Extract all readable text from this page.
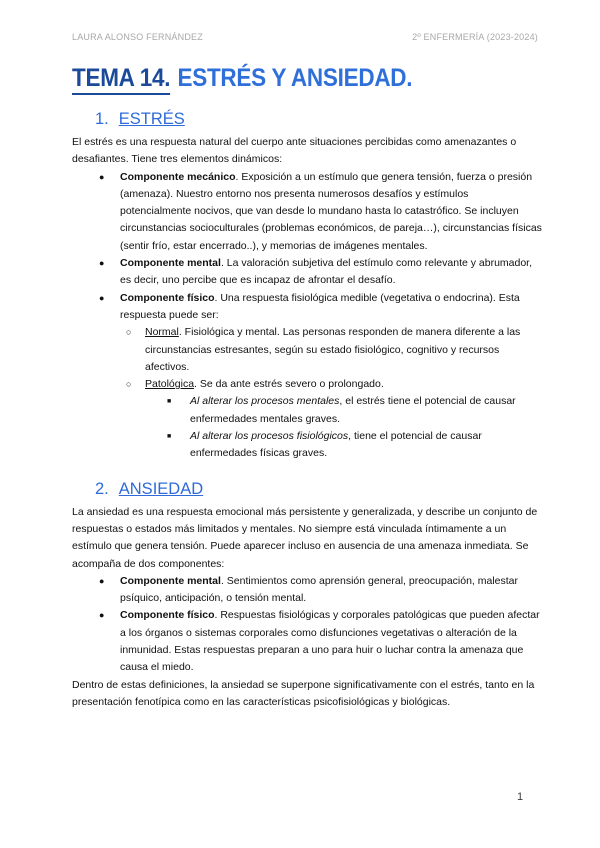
LAURA ALONSO FERNÁNDEZ	2º ENFERMERÍA (2023-2024)
TEMA 14. ESTRÉS Y ANSIEDAD.
1. ESTRÉS
El estrés es una respuesta natural del cuerpo ante situaciones percibidas como amenazantes o desafiantes. Tiene tres elementos dinámicos:
●	Componente mecánico. Exposición a un estímulo que genera tensión, fuerza o presión (amenaza). Nuestro entorno nos presenta numerosos desafíos y estímulos potencialmente nocivos, que van desde lo mundano hasta lo catastrófico. Se incluyen circunstancias socioculturales (problemas económicos, de pareja…), circunstancias físicas (sentir frío, estar encerrado..), y memorias de imágenes mentales.
●	Componente mental. La valoración subjetiva del estímulo como relevante y abrumador, es decir, uno percibe que es incapaz de afrontar el desafío.
●	Componente físico. Una respuesta fisiológica medible (vegetativa o endocrina). Esta respuesta puede ser:
○	Normal. Fisiológica y mental. Las personas responden de manera diferente a las circunstancias estresantes, según su estado fisiológico, cognitivo y recursos afectivos.
○	Patológica. Se da ante estrés severo o prolongado.
■	Al alterar los procesos mentales, el estrés tiene el potencial de causar enfermedades mentales graves.
■	Al alterar los procesos fisiológicos, tiene el potencial de causar enfermedades físicas graves.
2. ANSIEDAD
La ansiedad es una respuesta emocional más persistente y generalizada, y describe un conjunto de respuestas o estados más limitados y mentales. No siempre está vinculada íntimamente a un estímulo que genera tensión. Puede aparecer incluso en ausencia de una amenaza inmediata. Se acompaña de dos componentes:
●	Componente mental. Sentimientos como aprensión general, preocupación, malestar psíquico, anticipación, o tensión mental.
●	Componente físico. Respuestas fisiológicas y corporales patológicas que pueden afectar a los órganos o sistemas corporales como disfunciones vegetativas o alteración de la inmunidad. Estas respuestas preparan a uno para huir o luchar contra la amenaza que causa el miedo.
Dentro de estas definiciones, la ansiedad se superpone significativamente con el estrés, tanto en la presentación fenotípica como en las características psicofisiológicas y biológicas.
1
